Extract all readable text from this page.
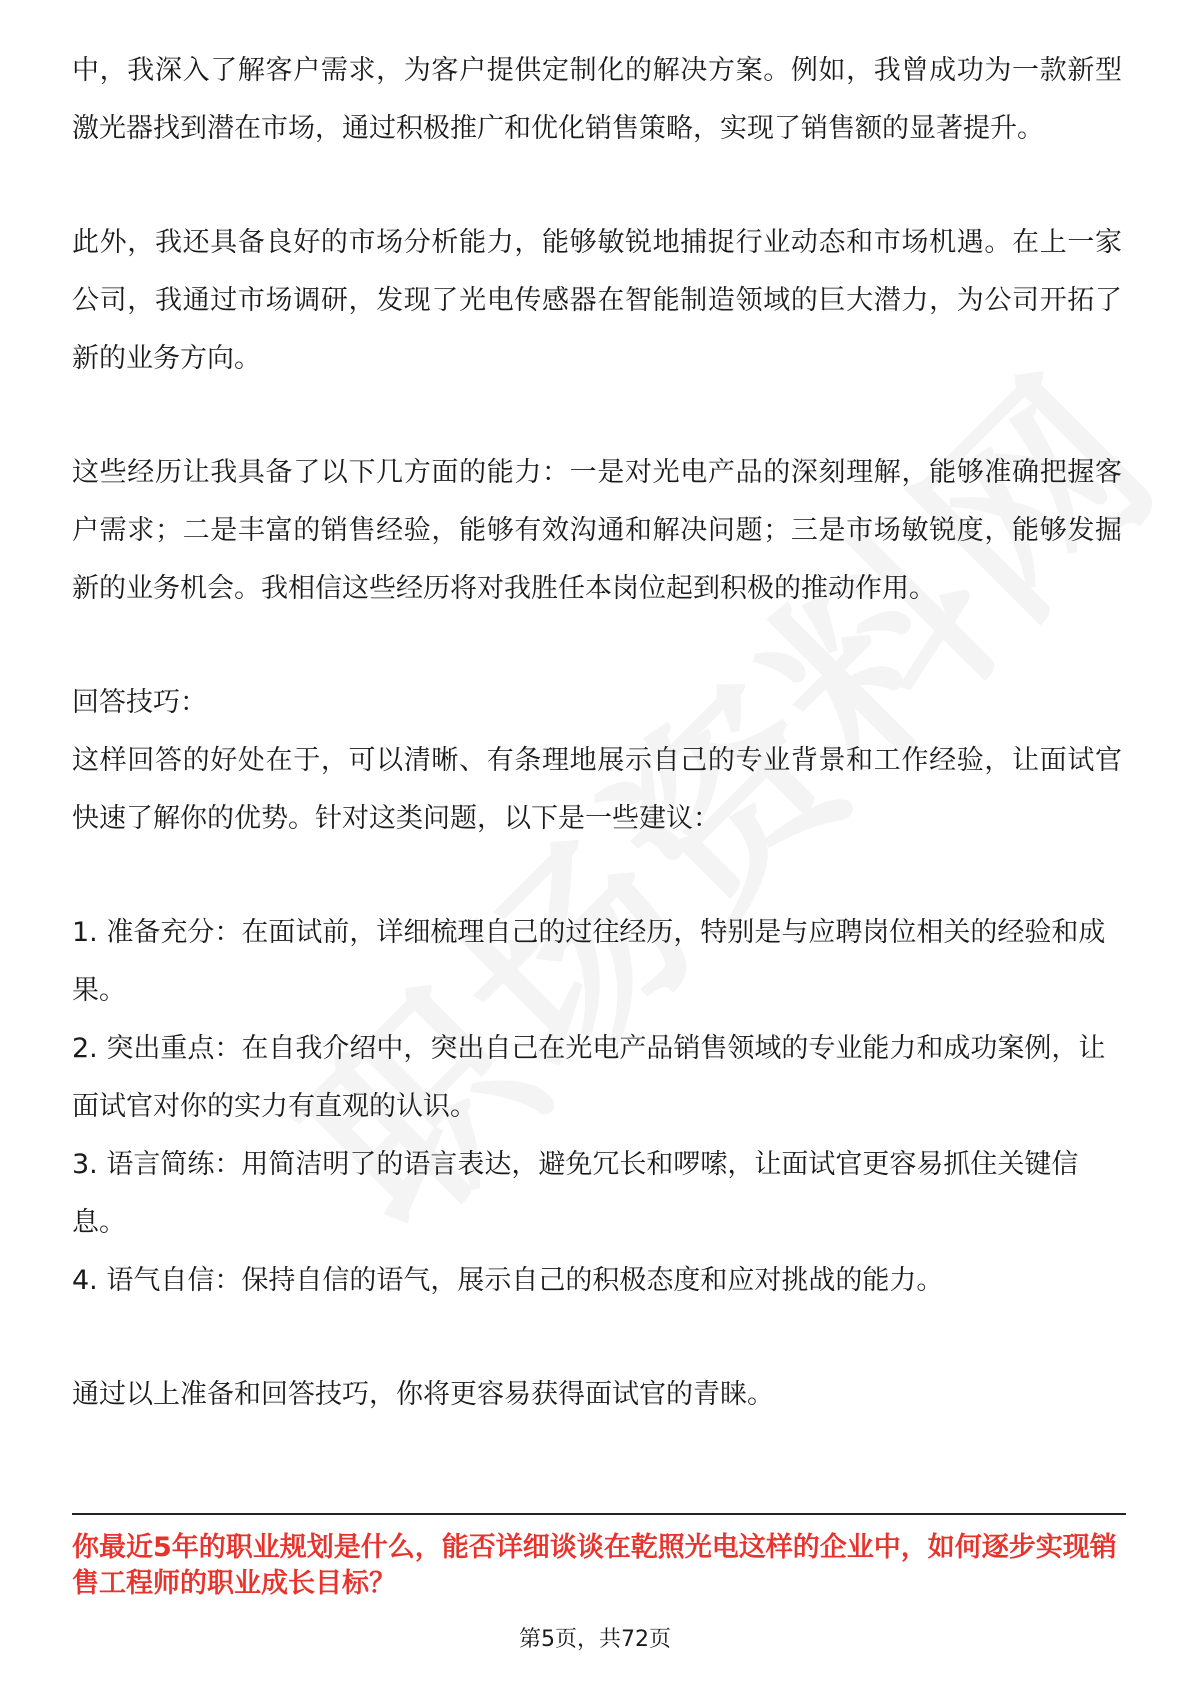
中，我深入了解客户需求，为客户提供定制化的解决方案。例如，我曾成功为一款新型激光器找到潜在市场，通过积极推广和优化销售策略，实现了销售额的显著提升。

此外，我还具备良好的市场分析能力，能够敏锐地捕捉行业动态和市场机遇。在上一家公司，我通过市场调研，发现了光电传感器在智能制造领域的巨大潜力，为公司开拓了新的业务方向。

这些经历让我具备了以下几方面的能力：一是对光电产品的深刻理解，能够准确把握客户需求；二是丰富的销售经验，能够有效沟通和解决问题；三是市场敏锐度，能够发掘新的业务机会。我相信这些经历将对我胜任本岗位起到积极的推动作用。

回答技巧：

这样回答的好处在于，可以清晰、有条理地展示自己的专业背景和工作经验，让面试官快速了解你的优势。针对这类问题，以下是一些建议：

1. 准备充分：在面试前，详细梳理自己的过往经历，特别是与应聘岗位相关的经验和成果。

2. 突出重点：在自我介绍中，突出自己在光电产品销售领域的专业能力和成功案例，让面试官对你的实力有直观的认识。

3. 语言简练：用简洁明了的语言表达，避免冗长和啰嗦，让面试官更容易抓住关键信息。

4. 语气自信：保持自信的语气，展示自己的积极态度和应对挑战的能力。

通过以上准备和回答技巧，你将更容易获得面试官的青睐。

你最近5年的职业规划是什么，能否详细谈谈在乾照光电这样的企业中，如何逐步实现销售工程师的职业成长目标？

第5页，共72页
